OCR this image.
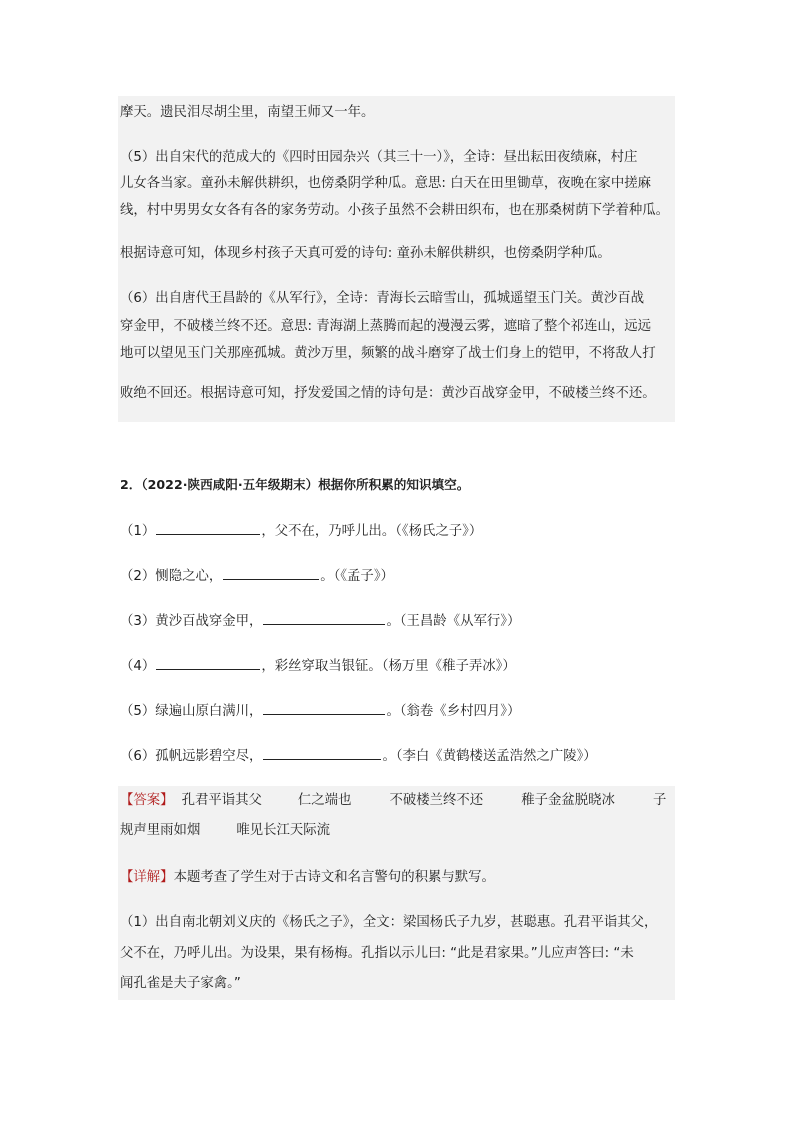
摩天。遗民泪尽胡尘里，南望王师又一年。
（5）出自宋代的范成大的《四时田园杂兴（其三十一）》，全诗：昼出耘田夜绩麻，村庄
儿女各当家。童孙未解供耕织，也傍桑阴学种瓜。意思: 白天在田里锄草，夜晚在家中搓麻
线，村中男男女女各有各的家务劳动。小孩子虽然不会耕田织布，也在那桑树荫下学着种瓜。
根据诗意可知，体现乡村孩子天真可爱的诗句: 童孙未解供耕织，也傍桑阴学种瓜。
（6）出自唐代王昌龄的《从军行》，全诗：青海长云暗雪山，孤城遥望玉门关。黄沙百战
穿金甲，不破楼兰终不还。意思: 青海湖上蒸腾而起的漫漫云雾，遮暗了整个祁连山，远远
地可以望见玉门关那座孤城。黄沙万里，频繁的战斗磨穿了战士们身上的铠甲，不将敌人打
败绝不回还。根据诗意可知，抒发爱国之情的诗句是：黄沙百战穿金甲，不破楼兰终不还。
2．（2022·陕西咸阳·五年级期末）根据你所积累的知识填空。
（1）	，父不在，乃呼儿出。（《杨氏之子》）
（2）恻隐之心，	。（《孟子》）
（3）黄沙百战穿金甲，	。（王昌龄《从军行》）
（4）	，彩丝穿取当银钲。（杨万里《稚子弄冰》）
（5）绿遍山原白满川，	。（翁卷《乡村四月》）
（6）孤帆远影碧空尽，	。（李白《黄鹤楼送孟浩然之广陵》）
【答案】 孔君平诣其父	仁之端也	不破楼兰终不还	稚子金盆脱晓冰	子
规声里雨如烟	唯见长江天际流
【详解】本题考查了学生对于古诗文和名言警句的积累与默写。
（1）出自南北朝刘义庆的《杨氏之子》，全文：梁国杨氏子九岁，甚聪惠。孔君平诣其父，
父不在，乃呼儿出。为设果，果有杨梅。孔指以示儿曰: “此是君家果。”儿应声答曰: “未
闻孔雀是夫子家禽。”
